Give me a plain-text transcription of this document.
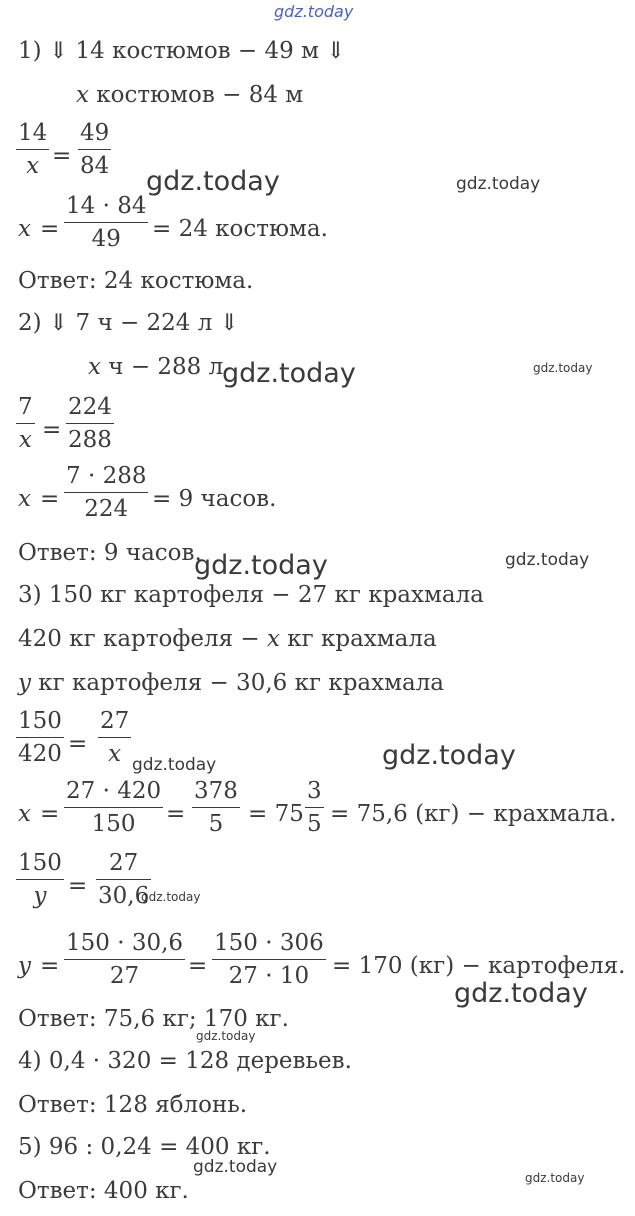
gdz.today
1) ⇓ 14 костюмов − 49 м ⇓
x костюмов − 84 м
14
x =
49
84
x =
14 · 84
49	= 24 костюма.
Ответ: 24 костюма.
2) ⇓ 7 ч − 224 л ⇓
x ч − 288 л
7
x =
224
288
x =
7 · 288
224	= 9 часов.
Ответ: 9 часов.
3) 150 кг картофеля − 27 кг крахмала
420 кг картофеля − x кг крахмала
y кг картофеля − 30,6 кг крахмала
150
420 =
27
x
x =
27 · 420
150	=
378
5	= 75
3
5 = 75,6 (кг) − крахмала.
150
y =
27
30,6
y =
150 · 30,6
27	=
150 · 306
27 · 10 = 170 (кг) − картофеля.
Ответ: 75,6 кг; 170 кг.
4) 0,4 · 320 = 128 деревьев.
Ответ: 128 яблонь.
5) 96 : 0,24 = 400 кг.
Ответ: 400 кг.
gdz.today	gdz.today
gdz.today	gdz.today
gdz.today	gdz.today
gdz.today
gdz.today
gdz.today
gdz.today
gdz.today
gdz.today
gdz.today
